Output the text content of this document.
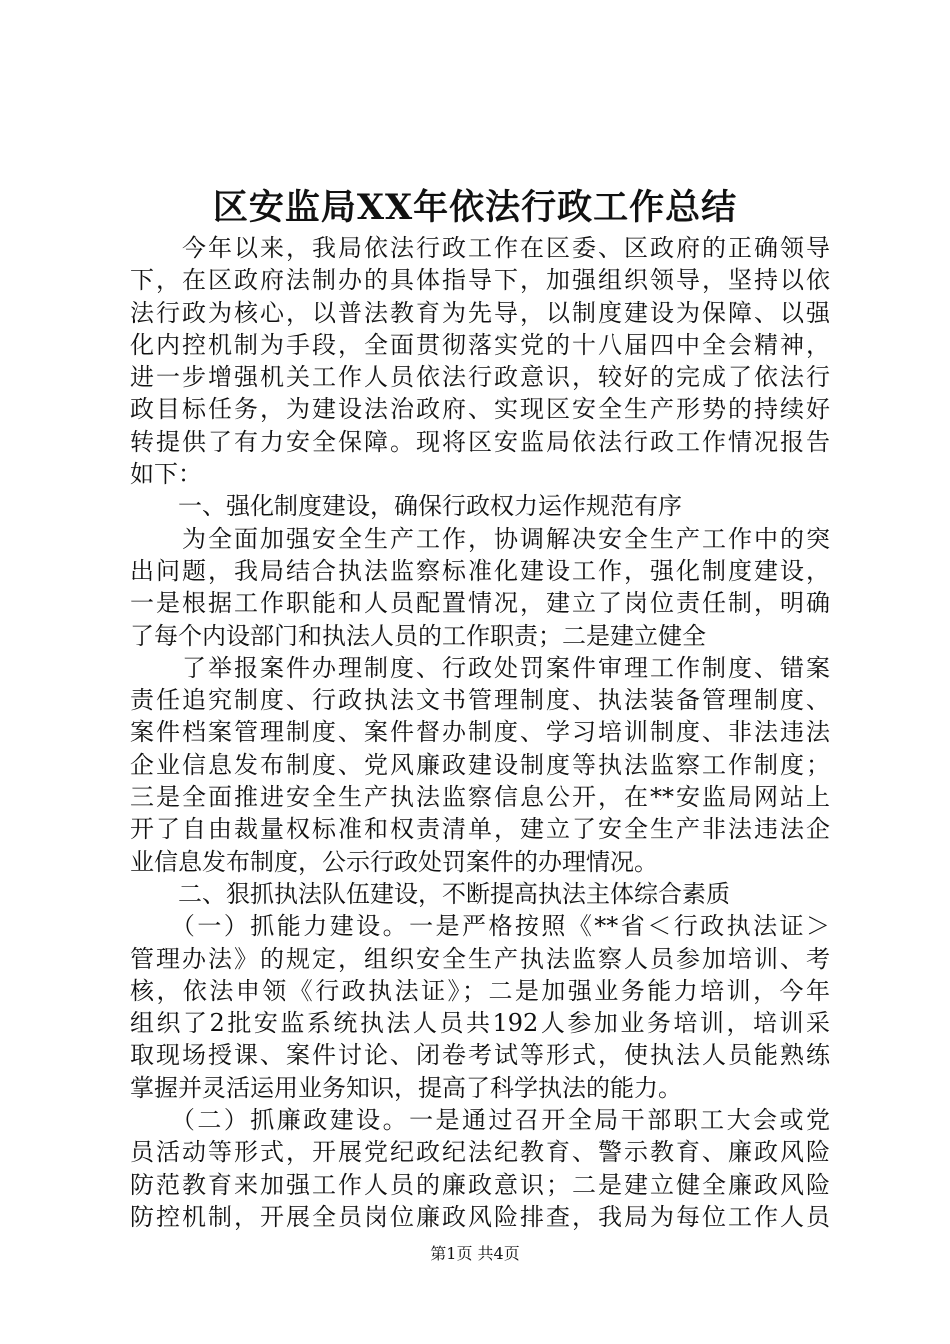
区安监局XX年依法行政工作总结
　　今年以来，我局依法行政工作在区委、区政府的正确领导
下，在区政府法制办的具体指导下，加强组织领导，坚持以依
法行政为核心，以普法教育为先导，以制度建设为保障、以强
化内控机制为手段，全面贯彻落实党的十八届四中全会精神，
进一步增强机关工作人员依法行政意识，较好的完成了依法行
政目标任务，为建设法治政府、实现区安全生产形势的持续好
转提供了有力安全保障。现将区安监局依法行政工作情况报告
如下：
　　一、强化制度建设，确保行政权力运作规范有序
　　为全面加强安全生产工作，协调解决安全生产工作中的突
出问题，我局结合执法监察标准化建设工作，强化制度建设，
一是根据工作职能和人员配置情况，建立了岗位责任制，明确
了每个内设部门和执法人员的工作职责；二是建立健全
　　了举报案件办理制度、行政处罚案件审理工作制度、错案
责任追究制度、行政执法文书管理制度、执法装备管理制度、
案件档案管理制度、案件督办制度、学习培训制度、非法违法
企业信息发布制度、党风廉政建设制度等执法监察工作制度；
三是全面推进安全生产执法监察信息公开，在**安监局网站上
开了自由裁量权标准和权责清单，建立了安全生产非法违法企
业信息发布制度，公示行政处罚案件的办理情况。
　　二、狠抓执法队伍建设，不断提高执法主体综合素质
　　（一）抓能力建设。一是严格按照《**省＜行政执法证＞
管理办法》的规定，组织安全生产执法监察人员参加培训、考
核，依法申领《行政执法证》；二是加强业务能力培训，今年
组织了2批安监系统执法人员共192人参加业务培训，培训采
取现场授课、案件讨论、闭卷考试等形式，使执法人员能熟练
掌握并灵活运用业务知识，提高了科学执法的能力。
　　（二）抓廉政建设。一是通过召开全局干部职工大会或党
员活动等形式，开展党纪政纪法纪教育、警示教育、廉政风险
防范教育来加强工作人员的廉政意识；二是建立健全廉政风险
防控机制，开展全员岗位廉政风险排查，我局为每位工作人员
第1页 共4页
